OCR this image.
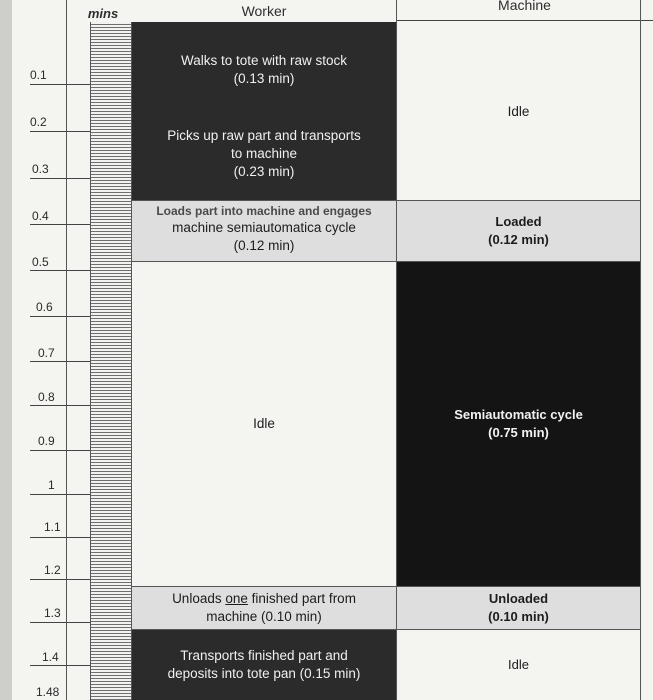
mins	Worker	Machine
0.1
0.2
0.3
0.4
0.5
0.6
0.7
0.8
0.9
1
1.1
1.2
1.3
1.4
1.48
Walks to tote with raw stock
(0.13 min)
Picks up raw part and transports
to machine
(0.23 min)
Loads part into machine and engages
machine semiautomatica cycle
(0.12 min)
Idle
Unloads one finished part from
machine (0.10 min)
Transports finished part and
deposits into tote pan (0.15 min)
Idle
Loaded
(0.12 min)
Semiautomatic cycle
(0.75 min)
Unloaded
(0.10 min)
Idle
